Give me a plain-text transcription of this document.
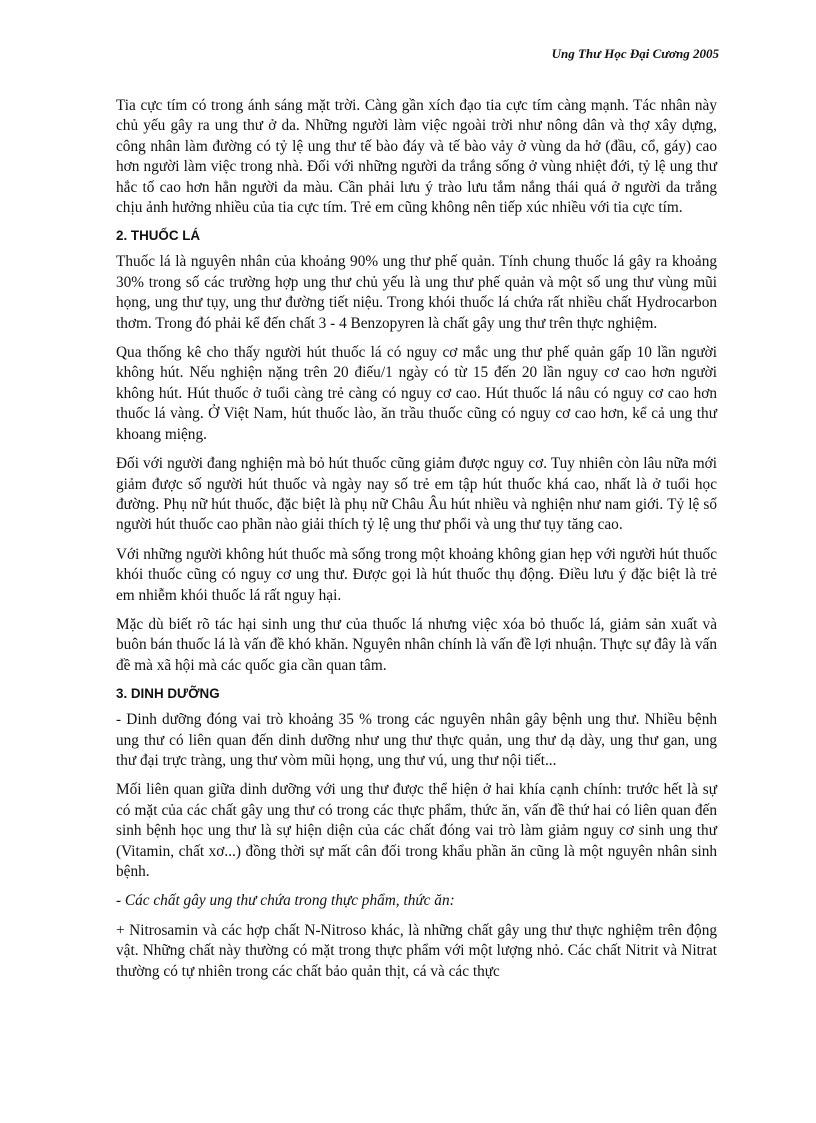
Ung Thư Học Đại Cương 2005

Tia cực tím có trong ánh sáng mặt trời. Càng gần xích đạo tia cực tím càng mạnh. Tác nhân này chủ yếu gây ra ung thư ở da. Những người làm việc ngoài trời như nông dân và thợ xây dựng, công nhân làm đường có tỷ lệ ung thư tế bào đáy và tế bào vảy ở vùng da hở (đầu, cổ, gáy) cao hơn người làm việc trong nhà. Đối với những người da trắng sống ở vùng nhiệt đới, tỷ lệ ung thư hắc tố cao hơn hẳn người da màu. Cần phải lưu ý trào lưu tắm nắng thái quá ở người da trắng chịu ảnh hưởng nhiều của tia cực tím. Trẻ em cũng không nên tiếp xúc nhiều với tia cực tím.

2. THUỐC LÁ

Thuốc lá là nguyên nhân của khoảng 90% ung thư phế quản. Tính chung thuốc lá gây ra khoảng 30% trong số các trường hợp ung thư chủ yếu là ung thư phế quản và một số ung thư vùng mũi họng, ung thư tụy, ung thư đường tiết niệu. Trong khói thuốc lá chứa rất nhiều chất Hydrocarbon thơm. Trong đó phải kể đến chất 3 - 4 Benzopyren là chất gây ung thư trên thực nghiệm.

Qua thống kê cho thấy người hút thuốc lá có nguy cơ mắc ung thư phế quản gấp 10 lần người không hút. Nếu nghiện nặng trên 20 điếu/1 ngày có từ 15 đến 20 lần nguy cơ cao hơn người không hút. Hút thuốc ở tuổi càng trẻ càng có nguy cơ cao. Hút thuốc lá nâu có nguy cơ cao hơn thuốc lá vàng. Ở Việt Nam, hút thuốc lào, ăn trầu thuốc cũng có nguy cơ cao hơn, kể cả ung thư khoang miệng.

Đối với người đang nghiện mà bỏ hút thuốc cũng giảm được nguy cơ. Tuy nhiên còn lâu nữa mới giảm được số người hút thuốc và ngày nay số trẻ em tập hút thuốc khá cao, nhất là ở tuổi học đường. Phụ nữ hút thuốc, đặc biệt là phụ nữ Châu Âu hút nhiều và nghiện như nam giới. Tỷ lệ số người hút thuốc cao phần nào giải thích tỷ lệ ung thư phổi và ung thư tụy tăng cao.

Với những người không hút thuốc mà sống trong một khoảng không gian hẹp với người hút thuốc khói thuốc cũng có nguy cơ ung thư. Được gọi là hút thuốc thụ động. Điều lưu ý đặc biệt là trẻ em nhiễm khói thuốc lá rất nguy hại.

Mặc dù biết rõ tác hại sinh ung thư của thuốc lá nhưng việc xóa bỏ thuốc lá, giảm sản xuất và buôn bán thuốc lá là vấn đề khó khăn. Nguyên nhân chính là vấn đề lợi nhuận. Thực sự đây là vấn đề mà xã hội mà các quốc gia cần quan tâm.

3. DINH DƯỠNG

- Dinh dưỡng đóng vai trò khoảng 35 % trong các nguyên nhân gây bệnh ung thư. Nhiều bệnh ung thư có liên quan đến dinh dưỡng như ung thư thực quản, ung thư dạ dày, ung thư gan, ung thư đại trực tràng, ung thư vòm mũi họng, ung thư vú, ung thư nội tiết...

Mối liên quan giữa dinh dưỡng với ung thư được thể hiện ở hai khía cạnh chính: trước hết là sự có mặt của các chất gây ung thư có trong các thực phẩm, thức ăn, vấn đề thứ hai có liên quan đến sinh bệnh học ung thư là sự hiện diện của các chất đóng vai trò làm giảm nguy cơ sinh ung thư (Vitamin, chất xơ...) đồng thời sự mất cân đối trong khẩu phần ăn cũng là một nguyên nhân sinh bệnh.

- Các chất gây ung thư chứa trong thực phẩm, thức ăn:

+ Nitrosamin và các hợp chất N-Nitroso khác, là những chất gây ung thư thực nghiệm trên động vật. Những chất này thường có mặt trong thực phẩm với một lượng nhỏ. Các chất Nitrit và Nitrat thường có tự nhiên trong các chất bảo quản thịt, cá và các thực
